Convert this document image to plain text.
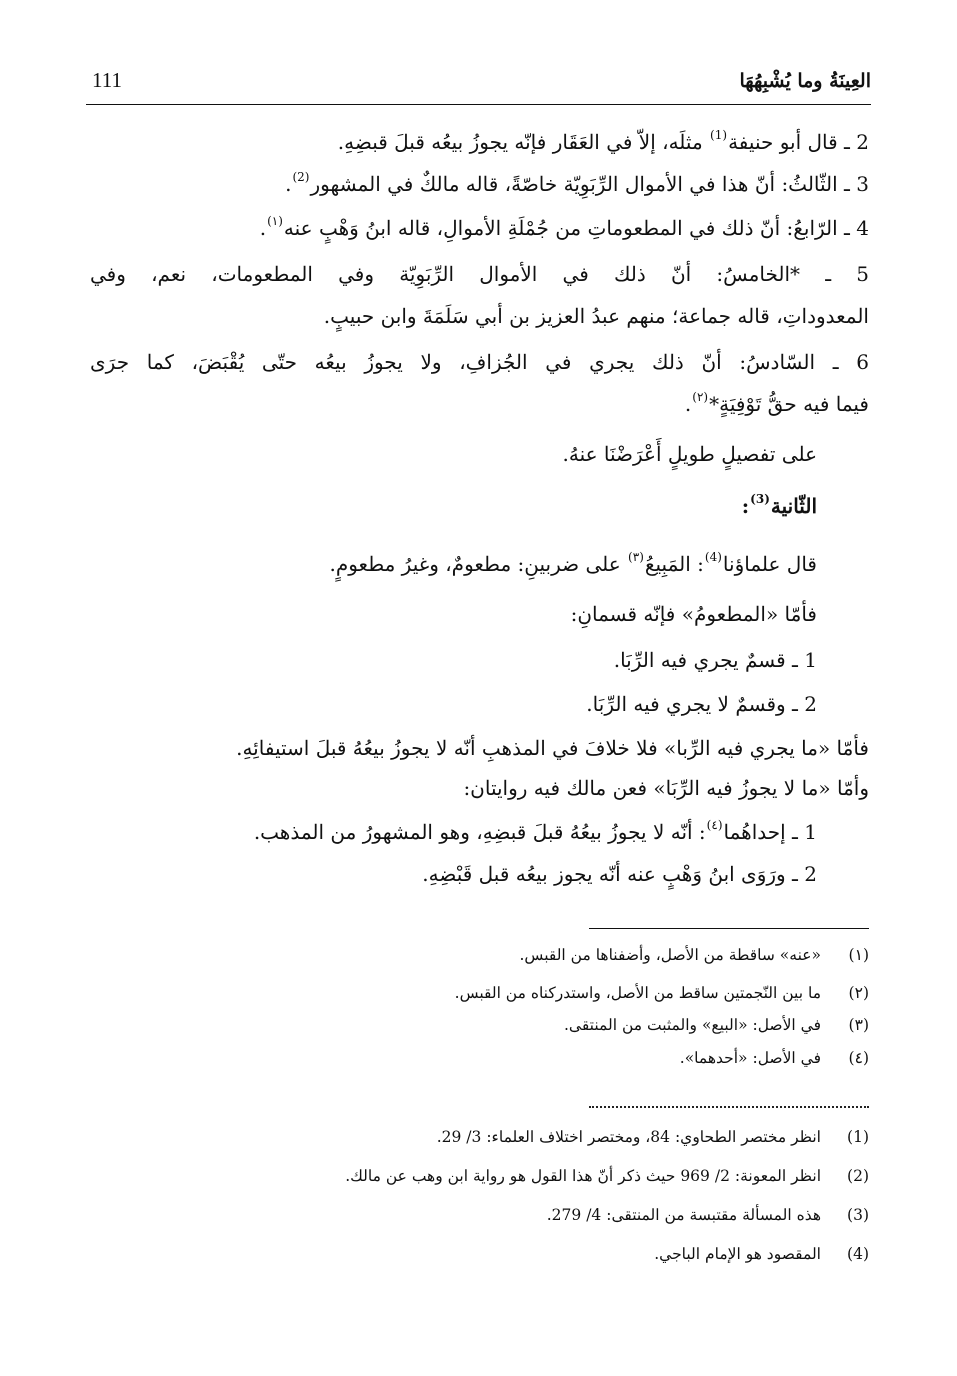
العِينَةُ وما يُشْبِهُهَا
111
2 ـ قال أبو حنيفة$^{(1)}$ مثلَه، إلاّ في العَقَار فإنّه يجوزُ بيعُه قبلَ قبضِهِ.
3 ـ الثّالثُ: أنّ هذا في الأموال الرِّبَوِيّة خاصّةً، قاله مالكٌ في المشهور$^{(2)}$.
4 ـ الرّابعُ: أنّ ذلك في المطعوماتِ من جُمْلَةِ الأموالِ، قاله ابنُ وَهْبٍ عنه$^{(١)}$.
5 ـ *الخامسُ: أنّ ذلك في الأموال الرِّبَوِيّة وفي المطعومات، نعم، وفي
المعدوداتِ، قاله جماعة؛ منهم عبدُ العزيز بن أبي سَلَمَةَ وابن حبيبٍ.
6 ـ السّادسُ: أنّ ذلك يجري في الجُزافِ، ولا يجوزُ بيعُه حتّى يُقْبَضَ، كما جرَى
فيما فيه حقُّ تَوْفِيَةٍ*$^{(٢)}$.
على تفصيلٍ طويلٍ أَعْرَضْنَا عنهُ.
الثّانية$^{(3)}$:
قال علماؤنا$^{(4)}$: المَبِيعُ$^{(٣)}$ على ضربينِ: مطعومٌ، وغيرُ مطعومٍ.
فأمّا «المطعومُ» فإنّه قسمانِ:
1 ـ قسمٌ يجري فيه الرِّبَا.
2 ـ وقسمٌ لا يجري فيه الرِّبَا.
فأمّا «ما يجري فيه الرِّبا» فلا خلافَ في المذهبِ أنّه لا يجوزُ بيعُهُ قبلَ استيفائِهِ.
وأمّا «ما لا يجوزُ فيه الرِّبَا» فعن مالك فيه روايتان:
1 ـ إحداهُما$^{(٤)}$: أنّه لا يجوزُ بيعُهُ قبلَ قبضِهِ، وهو المشهورُ من المذهب.
2 ـ ورَوَى ابنُ وَهْبٍ عنه أنّه يجوز بيعُه قبل قَبْضِهِ.
(١)«عنه» ساقطة من الأصل، وأضفناها من القبس.
(٢)ما بين النّجمتين ساقط من الأصل، واستدركناه من القبس.
(٣)في الأصل: «البيع» والمثبت من المنتقى.
(٤)في الأصل: «أحدهما».
(1)انظر مختصر الطحاوي: 84، ومختصر اختلاف العلماء: 3/ 29.
(2)انظر المعونة: 2/ 969 حيث ذكر أنّ هذا القول هو رواية ابن وهب عن مالك.
(3)هذه المسألة مقتبسة من المنتقى: 4/ 279.
(4)المقصود هو الإمام الباجي.
